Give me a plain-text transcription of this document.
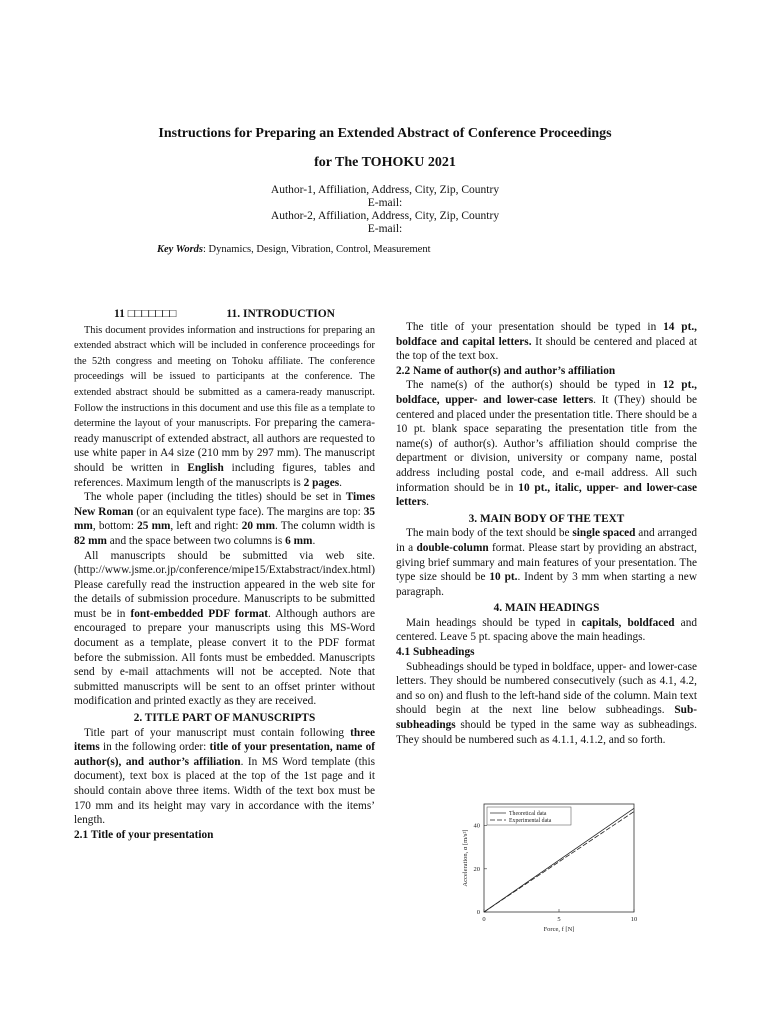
Instructions for Preparing an Extended Abstract of Conference Proceedings
for The TOHOKU 2021
Author-1, Affiliation, Address, City, Zip, Country
E-mail:
Author-2, Affiliation, Address, City, Zip, Country
E-mail:
Key Words: Dynamics, Design, Vibration, Control, Measurement
11 □□□□□□□	11. INTRODUCTION

This document provides information and instructions for preparing an extended abstract which will be included in conference proceedings for the 52th congress and meeting on Tohoku affiliate. The conference proceedings will be issued to participants at the conference. The extended abstract should be submitted as a camera-ready manuscript. Follow the instructions in this document and use this file as a template to determine the layout of your manuscripts. For preparing the camera-ready manuscript of extended abstract, all authors are requested to use white paper in A4 size (210 mm by 297 mm). The manuscript should be written in English including figures, tables and references. Maximum length of the manuscripts is 2 pages.

The whole paper (including the titles) should be set in Times New Roman (or an equivalent type face). The margins are top: 35 mm, bottom: 25 mm, left and right: 20 mm. The column width is 82 mm and the space between two columns is 6 mm.

All manuscripts should be submitted via web site. (http://www.jsme.or.jp/conference/mipe15/Extabstract/index.html) Please carefully read the instruction appeared in the web site for the details of submission procedure. Manuscripts to be submitted must be in font-embedded PDF format. Although authors are encouraged to prepare your manuscripts using this MS-Word document as a template, please convert it to the PDF format before the submission. All fonts must be embedded. Manuscripts send by e-mail attachments will not be accepted. Note that submitted manuscripts will be sent to an offset printer without modification and printed exactly as they are received.

2. TITLE PART OF MANUSCRIPTS

Title part of your manuscript must contain following three items in the following order: title of your presentation, name of author(s), and author’s affiliation. In MS Word template (this document), text box is placed at the top of the 1st page and it should contain above three items. Width of the text box must be 170 mm and its height may vary in accordance with the items’ length.

2.1 Title of your presentation

The title of your presentation should be typed in 14 pt., boldface and capital letters. It should be centered and placed at the top of the text box.

2.2 Name of author(s) and author’s affiliation

The name(s) of the author(s) should be typed in 12 pt., boldface, upper- and lower-case letters. It (They) should be centered and placed under the presentation title. There should be a 10 pt. blank space separating the presentation title from the name(s) of author(s). Author’s affiliation should comprise the department or division, university or company name, postal address including postal code, and e-mail address. All such information should be in 10 pt., italic, upper- and lower-case letters.

3. MAIN BODY OF THE TEXT

The main body of the text should be single spaced and arranged in a double-column format. Please start by providing an abstract, giving brief summary and main features of your presentation. The type size should be 10 pt.. Indent by 3 mm when starting a new paragraph.

4. MAIN HEADINGS

Main headings should be typed in capitals, boldfaced and centered. Leave 5 pt. spacing above the main headings.

4.1 Subheadings

Subheadings should be typed in boldface, upper- and lower-case letters. They should be numbered consecutively (such as 4.1, 4.2, and so on) and flush to the left-hand side of the column. Main text should begin at the next line below subheadings. Sub-subheadings should be typed in the same way as subheadings. They should be numbered such as 4.1.1, 4.1.2, and so forth.

0	5	10
0
20
40
Force, f [N]
Acceleration, α [m/s²]
Theoretical data
Experimental data
